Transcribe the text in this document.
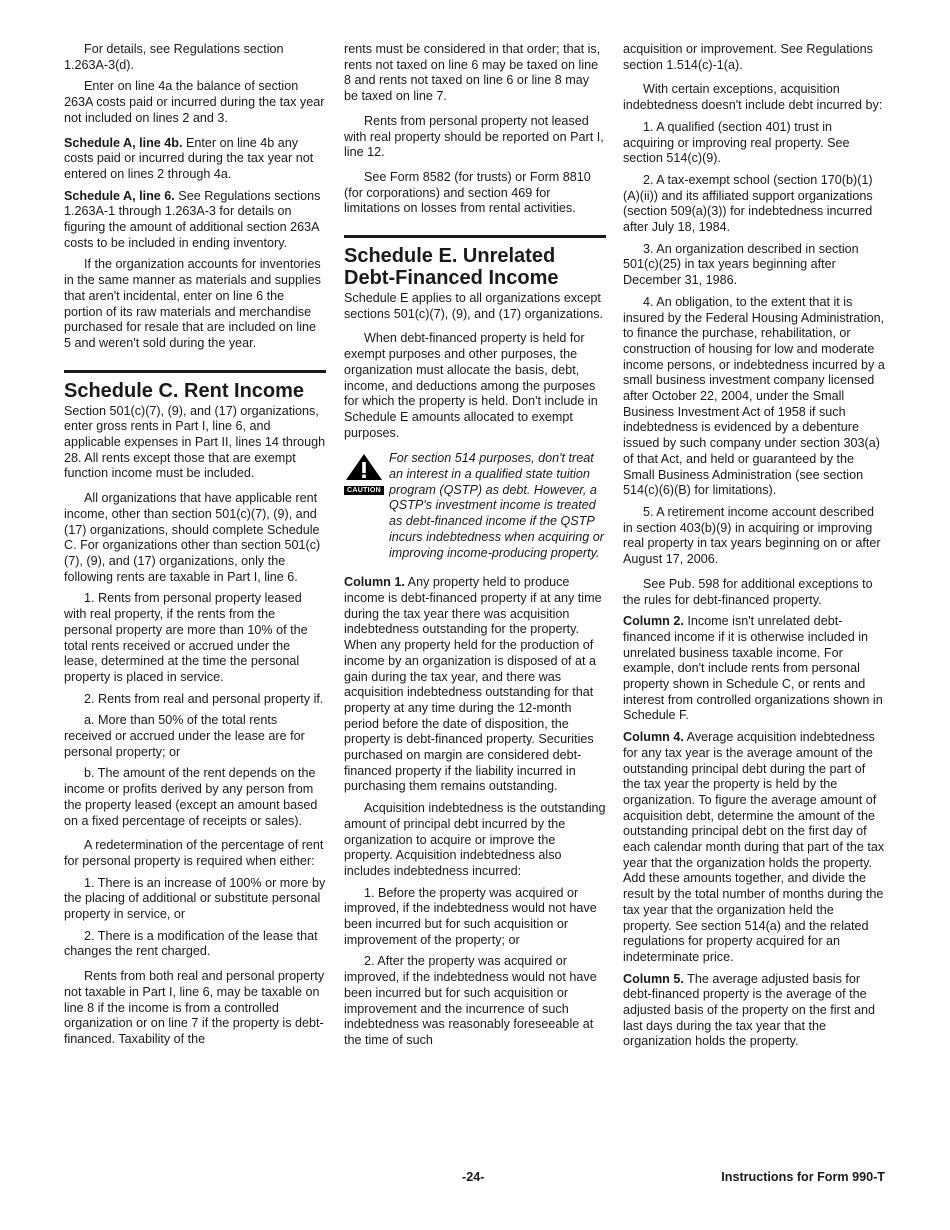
For details, see Regulations section 1.263A-3(d).

Enter on line 4a the balance of section 263A costs paid or incurred during the tax year not included on lines 2 and 3.

Schedule A, line 4b. Enter on line 4b any costs paid or incurred during the tax year not entered on lines 2 through 4a.

Schedule A, line 6. See Regulations sections 1.263A-1 through 1.263A-3 for details on figuring the amount of additional section 263A costs to be included in ending inventory.

If the organization accounts for inventories in the same manner as materials and supplies that aren't incidental, enter on line 6 the portion of its raw materials and merchandise purchased for resale that are included on line 5 and weren't sold during the year.

Schedule C. Rent Income

Section 501(c)(7), (9), and (17) organizations, enter gross rents in Part I, line 6, and applicable expenses in Part II, lines 14 through 28. All rents except those that are exempt function income must be included.

All organizations that have applicable rent income, other than section 501(c)(7), (9), and (17) organizations, should complete Schedule C. For organizations other than section 501(c)(7), (9), and (17) organizations, only the following rents are taxable in Part I, line 6.

1. Rents from personal property leased with real property, if the rents from the personal property are more than 10% of the total rents received or accrued under the lease, determined at the time the personal property is placed in service.

2. Rents from real and personal property if.

a. More than 50% of the total rents received or accrued under the lease are for personal property; or

b. The amount of the rent depends on the income or profits derived by any person from the property leased (except an amount based on a fixed percentage of receipts or sales).

A redetermination of the percentage of rent for personal property is required when either:

1. There is an increase of 100% or more by the placing of additional or substitute personal property in service, or

2. There is a modification of the lease that changes the rent charged.

Rents from both real and personal property not taxable in Part I, line 6, may be taxable on line 8 if the income is from a controlled organization or on line 7 if the property is debt-financed. Taxability of the

rents must be considered in that order; that is, rents not taxed on line 6 may be taxed on line 8 and rents not taxed on line 6 or line 8 may be taxed on line 7.

Rents from personal property not leased with real property should be reported on Part I, line 12.

See Form 8582 (for trusts) or Form 8810 (for corporations) and section 469 for limitations on losses from rental activities.

Schedule E. Unrelated Debt-Financed Income

Schedule E applies to all organizations except sections 501(c)(7), (9), and (17) organizations.

When debt-financed property is held for exempt purposes and other purposes, the organization must allocate the basis, debt, income, and deductions among the purposes for which the property is held. Don't include in Schedule E amounts allocated to exempt purposes.

CAUTION
For section 514 purposes, don't treat an interest in a qualified state tuition program (QSTP) as debt. However, a QSTP's investment income is treated as debt-financed income if the QSTP incurs indebtedness when acquiring or improving income-producing property.

Column 1. Any property held to produce income is debt-financed property if at any time during the tax year there was acquisition indebtedness outstanding for the property. When any property held for the production of income by an organization is disposed of at a gain during the tax year, and there was acquisition indebtedness outstanding for that property at any time during the 12-month period before the date of disposition, the property is debt-financed property. Securities purchased on margin are considered debt-financed property if the liability incurred in purchasing them remains outstanding.

Acquisition indebtedness is the outstanding amount of principal debt incurred by the organization to acquire or improve the property. Acquisition indebtedness also includes indebtedness incurred:

1. Before the property was acquired or improved, if the indebtedness would not have been incurred but for such acquisition or improvement of the property; or

2. After the property was acquired or improved, if the indebtedness would not have been incurred but for such acquisition or improvement and the incurrence of such indebtedness was reasonably foreseeable at the time of such

acquisition or improvement. See Regulations section 1.514(c)-1(a).

With certain exceptions, acquisition indebtedness doesn't include debt incurred by:

1. A qualified (section 401) trust in acquiring or improving real property. See section 514(c)(9).

2. A tax-exempt school (section 170(b)(1)(A)(ii)) and its affiliated support organizations (section 509(a)(3)) for indebtedness incurred after July 18, 1984.

3. An organization described in section 501(c)(25) in tax years beginning after December 31, 1986.

4. An obligation, to the extent that it is insured by the Federal Housing Administration, to finance the purchase, rehabilitation, or construction of housing for low and moderate income persons, or indebtedness incurred by a small business investment company licensed after October 22, 2004, under the Small Business Investment Act of 1958 if such indebtedness is evidenced by a debenture issued by such company under section 303(a) of that Act, and held or guaranteed by the Small Business Administration (see section 514(c)(6)(B) for limitations).

5. A retirement income account described in section 403(b)(9) in acquiring or improving real property in tax years beginning on or after August 17, 2006.

See Pub. 598 for additional exceptions to the rules for debt-financed property.

Column 2. Income isn't unrelated debt-financed income if it is otherwise included in unrelated business taxable income. For example, don't include rents from personal property shown in Schedule C, or rents and interest from controlled organizations shown in Schedule F.

Column 4. Average acquisition indebtedness for any tax year is the average amount of the outstanding principal debt during the part of the tax year the property is held by the organization. To figure the average amount of acquisition debt, determine the amount of the outstanding principal debt on the first day of each calendar month during that part of the tax year that the organization holds the property. Add these amounts together, and divide the result by the total number of months during the tax year that the organization held the property. See section 514(a) and the related regulations for property acquired for an indeterminate price.

Column 5. The average adjusted basis for debt-financed property is the average of the adjusted basis of the property on the first and last days during the tax year that the organization holds the property.

-24-	Instructions for Form 990-T
